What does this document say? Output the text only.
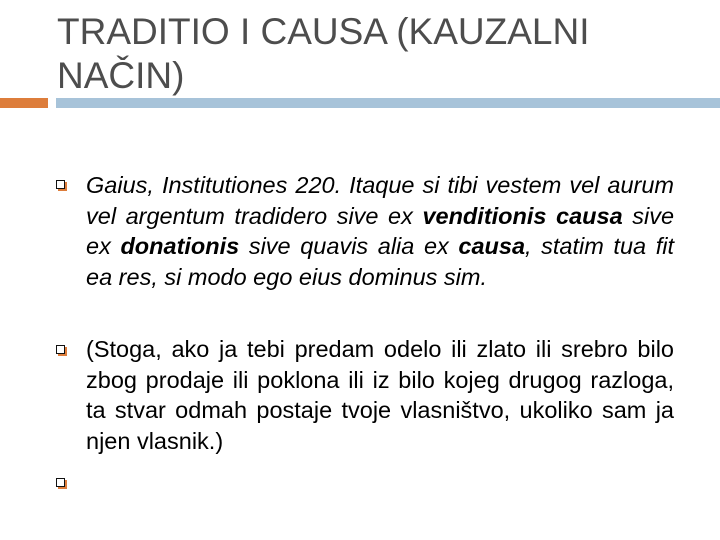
TRADITIO I CAUSA (KAUZALNI NAČIN)

Gaius, Institutiones 220. Itaque si tibi vestem vel aurum vel argentum tradidero sive ex venditionis causa sive ex donationis sive quavis alia ex causa, statim tua fit ea res, si modo ego eius dominus sim.

(Stoga, ako ja tebi predam odelo ili zlato ili srebro bilo zbog prodaje ili poklona ili iz bilo kojeg drugog razloga, ta stvar odmah postaje tvoje vlasništvo, ukoliko sam ja njen vlasnik.)
